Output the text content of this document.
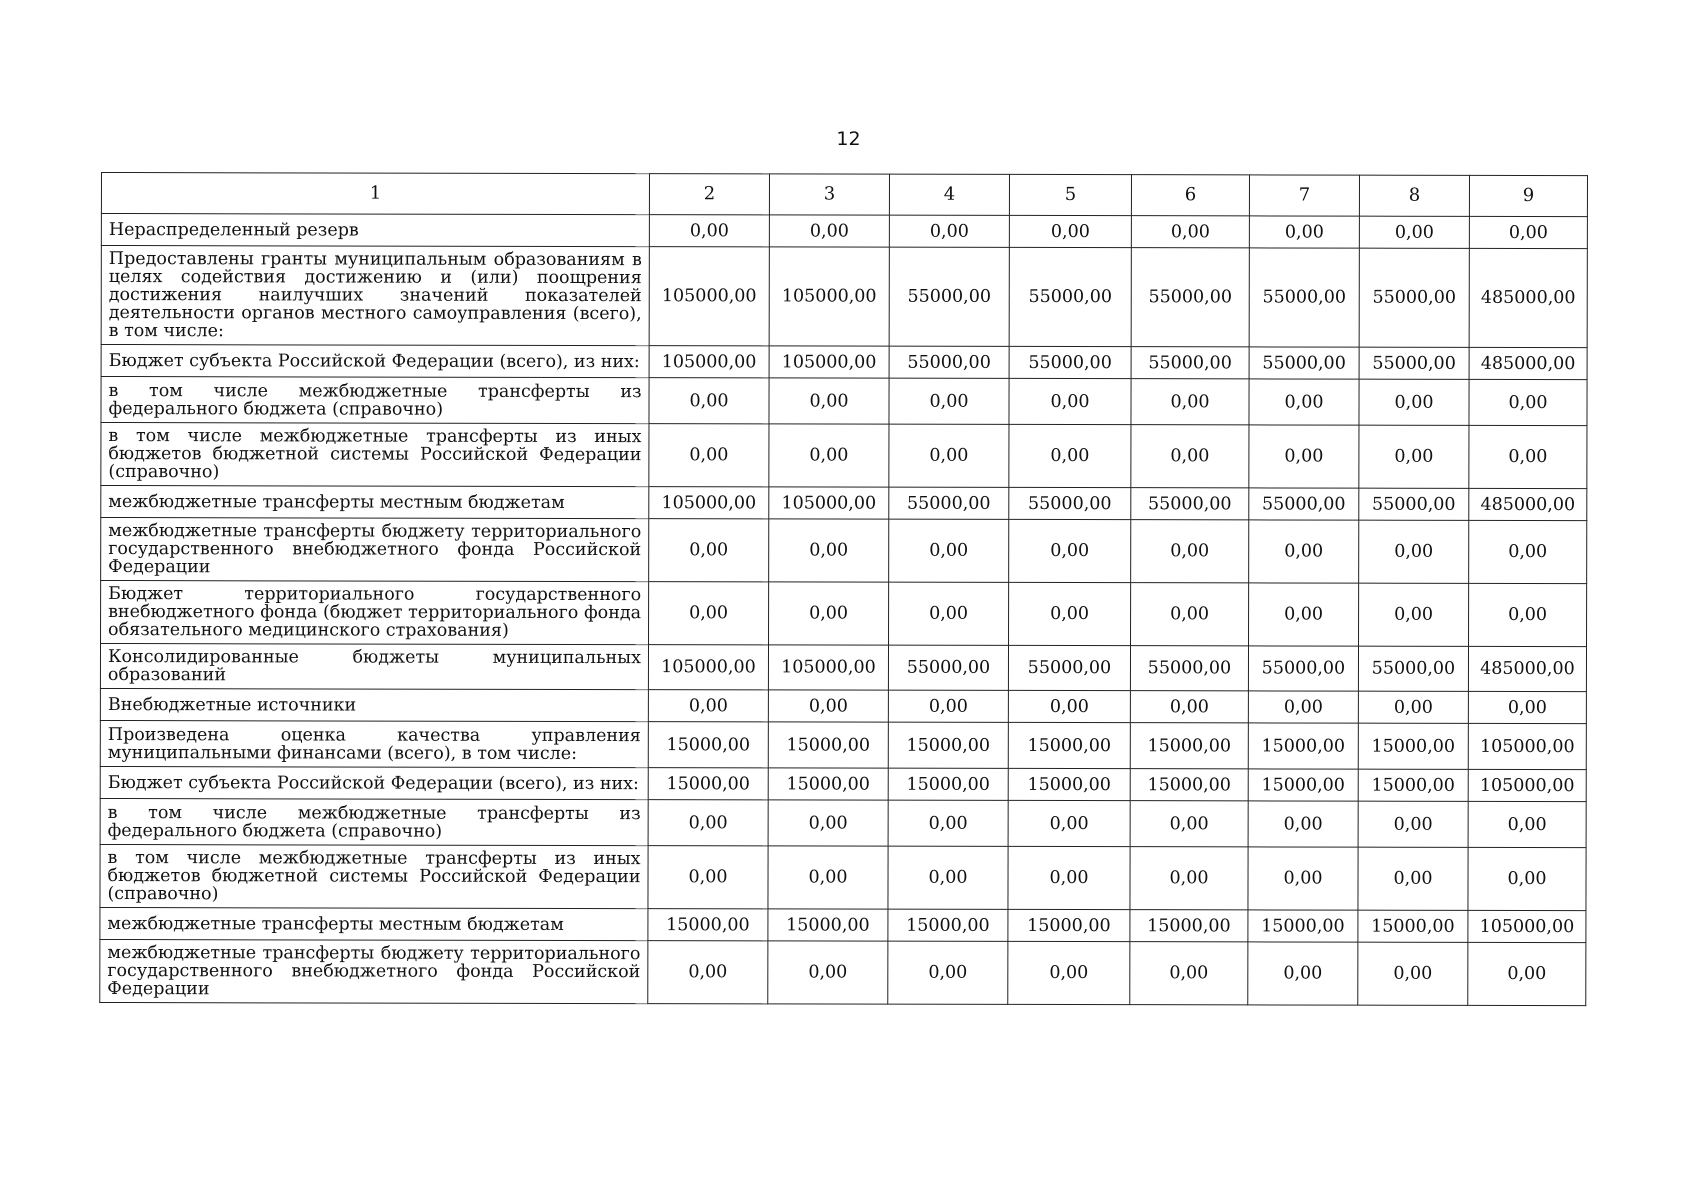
12
1	2	3	4	5	6	7	8	9
Нераспределенный резерв	0,00	0,00	0,00	0,00	0,00	0,00	0,00	0,00
Предоставлены гранты муниципальным образованиям в целях содействия достижению и (или) поощрения достижения наилучших значений показателей деятельности органов местного самоуправления (всего), в том числе:	105000,00	105000,00	55000,00	55000,00	55000,00	55000,00	55000,00	485000,00
Бюджет субъекта Российской Федерации (всего), из них:	105000,00	105000,00	55000,00	55000,00	55000,00	55000,00	55000,00	485000,00
в том числе межбюджетные трансферты из федерального бюджета (справочно)	0,00	0,00	0,00	0,00	0,00	0,00	0,00	0,00
в том числе межбюджетные трансферты из иных бюджетов бюджетной системы Российской Федерации (справочно)	0,00	0,00	0,00	0,00	0,00	0,00	0,00	0,00
межбюджетные трансферты местным бюджетам	105000,00	105000,00	55000,00	55000,00	55000,00	55000,00	55000,00	485000,00
межбюджетные трансферты бюджету территориального государственного внебюджетного фонда Российской Федерации	0,00	0,00	0,00	0,00	0,00	0,00	0,00	0,00
Бюджет территориального государственного внебюджетного фонда (бюджет территориального фонда обязательного медицинского страхования)	0,00	0,00	0,00	0,00	0,00	0,00	0,00	0,00
Консолидированные бюджеты муниципальных образований	105000,00	105000,00	55000,00	55000,00	55000,00	55000,00	55000,00	485000,00
Внебюджетные источники	0,00	0,00	0,00	0,00	0,00	0,00	0,00	0,00
Произведена оценка качества управления муниципальными финансами (всего), в том числе:	15000,00	15000,00	15000,00	15000,00	15000,00	15000,00	15000,00	105000,00
Бюджет субъекта Российской Федерации (всего), из них:	15000,00	15000,00	15000,00	15000,00	15000,00	15000,00	15000,00	105000,00
в том числе межбюджетные трансферты из федерального бюджета (справочно)	0,00	0,00	0,00	0,00	0,00	0,00	0,00	0,00
в том числе межбюджетные трансферты из иных бюджетов бюджетной системы Российской Федерации (справочно)	0,00	0,00	0,00	0,00	0,00	0,00	0,00	0,00
межбюджетные трансферты местным бюджетам	15000,00	15000,00	15000,00	15000,00	15000,00	15000,00	15000,00	105000,00
межбюджетные трансферты бюджету территориального государственного внебюджетного фонда Российской Федерации	0,00	0,00	0,00	0,00	0,00	0,00	0,00	0,00
